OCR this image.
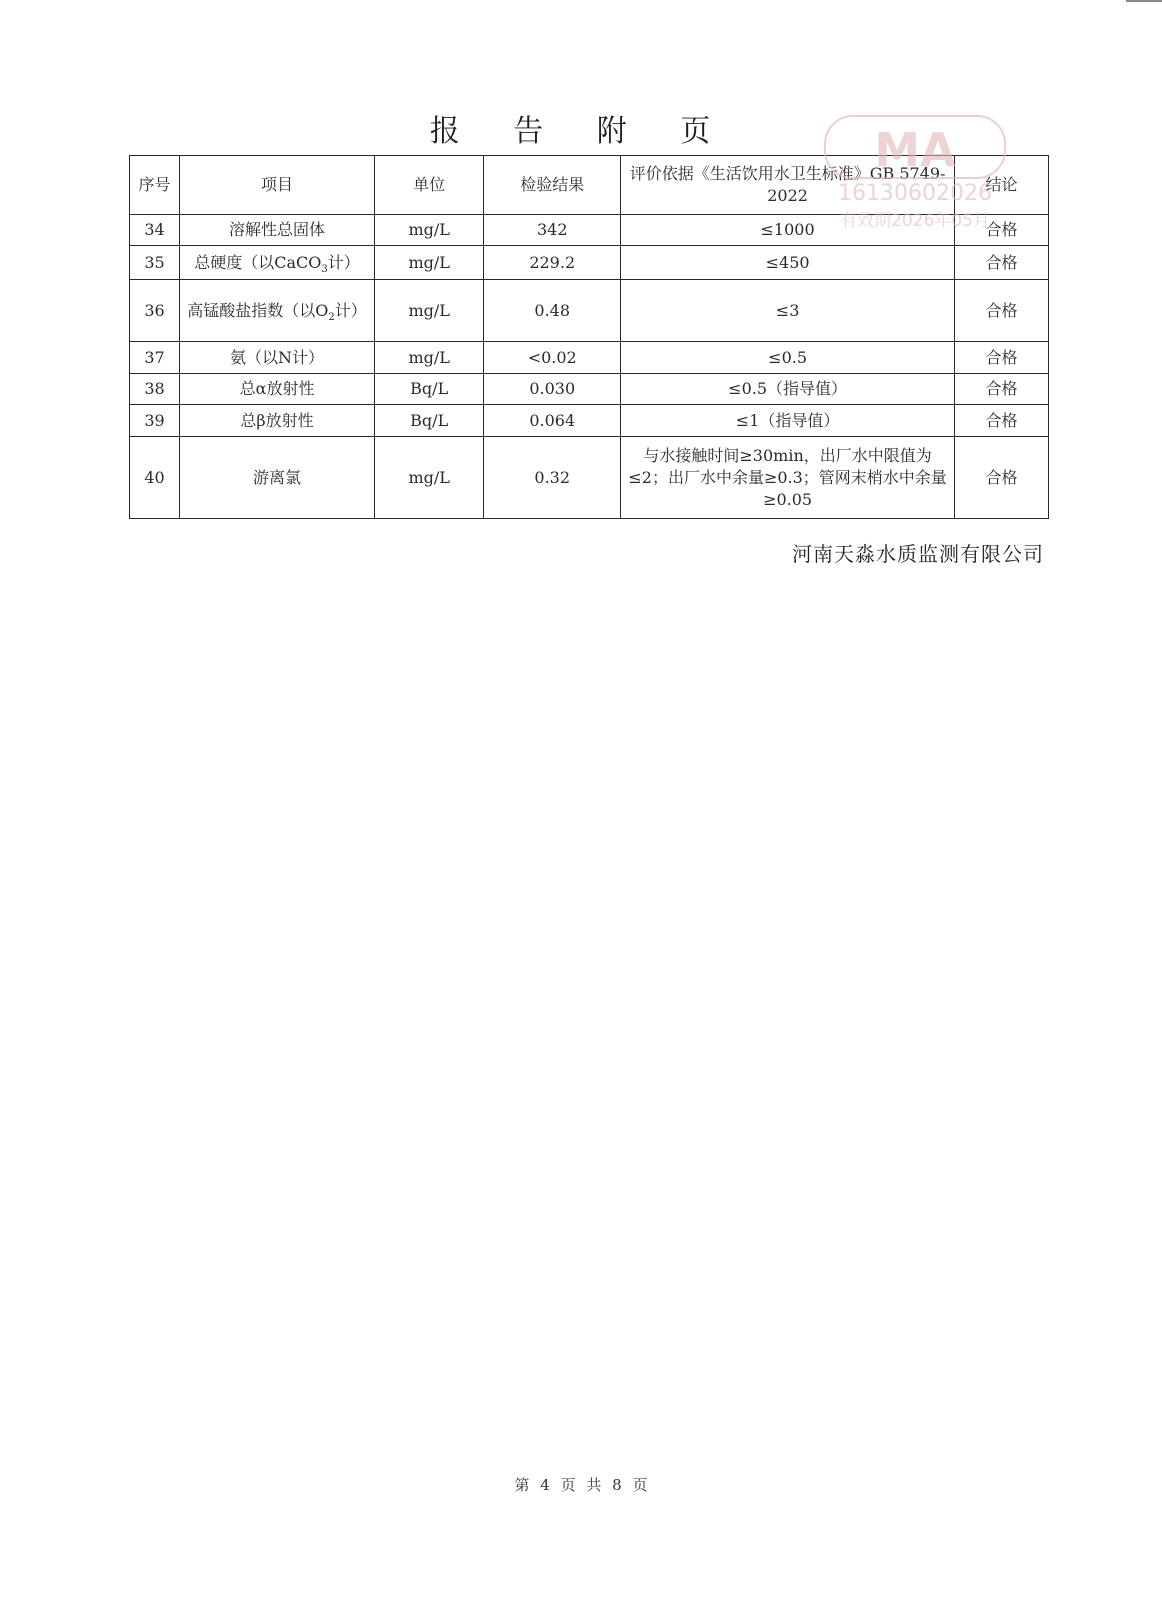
报 告 附 页
序号	项目	单位	检验结果	评价依据《生活饮用水卫生标准》GB 5749-2022	结论
34	溶解性总固体	mg/L	342	≤1000	合格
35	总硬度（以CaCO$_3$计）	mg/L	229.2	≤450	合格
36	高锰酸盐指数（以$O_2$计）	mg/L	0.48	≤3	合格
37	氨（以N计）	mg/L	<0.02	≤0.5	合格
38	总α放射性	Bq/L	0.030	≤0.5（指导值）	合格
39	总β放射性	Bq/L	0.064	≤1（指导值）	合格
40	游离氯	mg/L	0.32	与水接触时间≥30min，出厂水中限值为≤2；出厂水中余量≥0.3；管网末梢水中余量≥0.05	合格
MA
16130602026
有效期2026年05月
河南天淼水质监测有限公司
第 4 页 共 8 页
